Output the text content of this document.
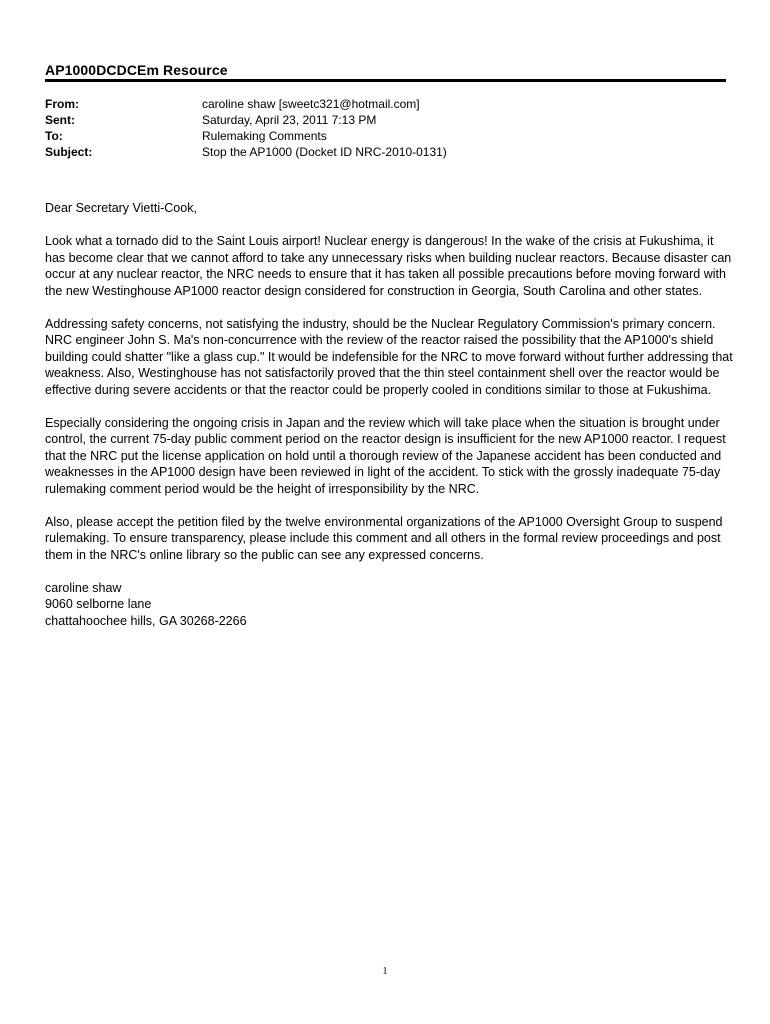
AP1000DCDCEm Resource
From:
Sent:
To:
Subject:
caroline shaw [sweetc321@hotmail.com]
Saturday, April 23, 2011 7:13 PM
Rulemaking Comments
Stop the AP1000 (Docket ID NRC-2010-0131)

Dear Secretary Vietti-Cook,

Look what a tornado did to the Saint Louis airport! Nuclear energy is dangerous! In the wake of the crisis at Fukushima, it has become clear that we cannot afford to take any unnecessary risks when building nuclear reactors. Because disaster can occur at any nuclear reactor, the NRC needs to ensure that it has taken all possible precautions before moving forward with the new Westinghouse AP1000 reactor design considered for construction in Georgia, South Carolina and other states.

Addressing safety concerns, not satisfying the industry, should be the Nuclear Regulatory Commission's primary concern. NRC engineer John S. Ma's non-concurrence with the review of the reactor raised the possibility that the AP1000's shield building could shatter "like a glass cup." It would be indefensible for the NRC to move forward without further addressing that weakness. Also, Westinghouse has not satisfactorily proved that the thin steel containment shell over the reactor would be effective during severe accidents or that the reactor could be properly cooled in conditions similar to those at Fukushima.

Especially considering the ongoing crisis in Japan and the review which will take place when the situation is brought under control, the current 75-day public comment period on the reactor design is insufficient for the new AP1000 reactor. I request that the NRC put the license application on hold until a thorough review of the Japanese accident has been conducted and weaknesses in the AP1000 design have been reviewed in light of the accident. To stick with the grossly inadequate 75-day rulemaking comment period would be the height of irresponsibility by the NRC.

Also, please accept the petition filed by the twelve environmental organizations of the AP1000 Oversight Group to suspend rulemaking. To ensure transparency, please include this comment and all others in the formal review proceedings and post them in the NRC's online library so the public can see any expressed concerns.

caroline shaw
9060 selborne lane
chattahoochee hills, GA 30268-2266
1
